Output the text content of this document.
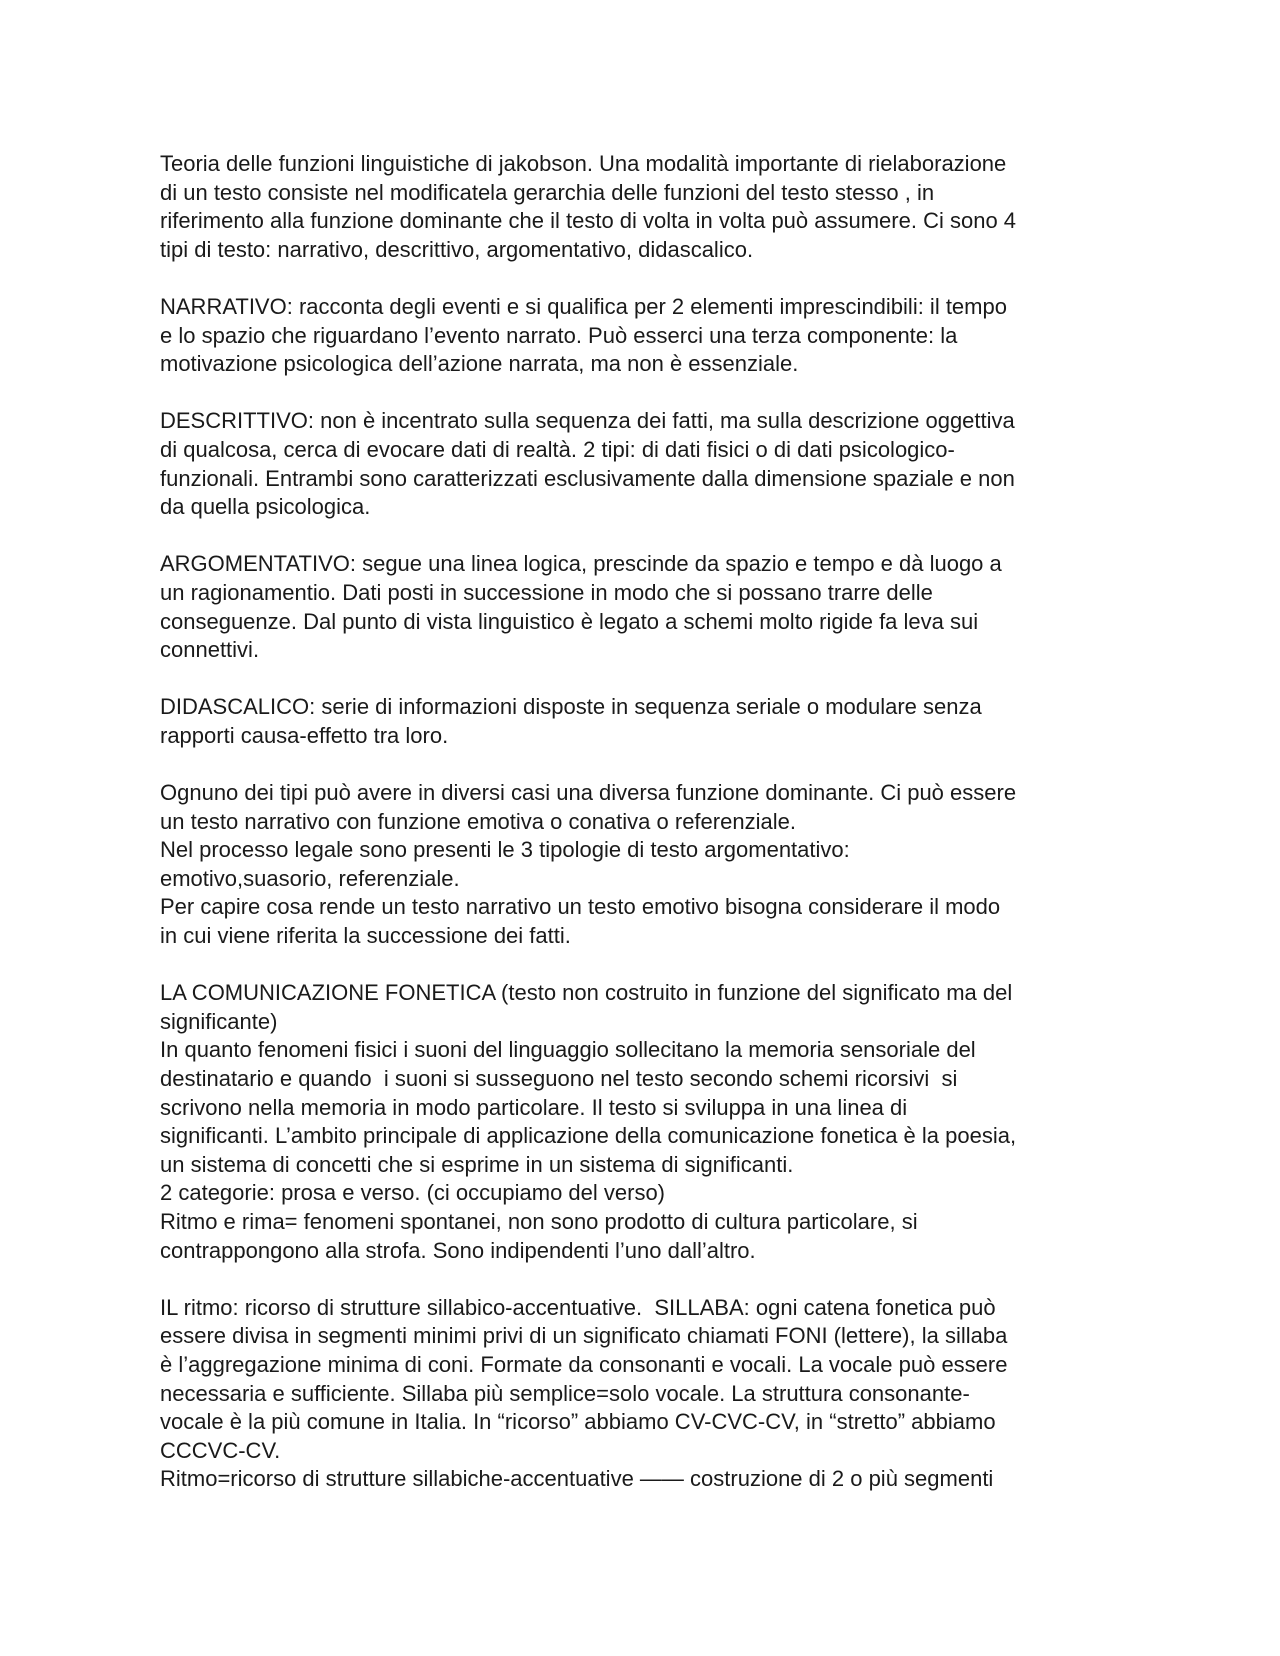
Teoria delle funzioni linguistiche di jakobson. Una modalità importante di rielaborazione
di un testo consiste nel modificatela gerarchia delle funzioni del testo stesso , in
riferimento alla funzione dominante che il testo di volta in volta può assumere. Ci sono 4
tipi di testo: narrativo, descrittivo, argomentativo, didascalico.
NARRATIVO: racconta degli eventi e si qualifica per 2 elementi imprescindibili: il tempo
e lo spazio che riguardano l’evento narrato. Può esserci una terza componente: la
motivazione psicologica dell’azione narrata, ma non è essenziale.
DESCRITTIVO: non è incentrato sulla sequenza dei fatti, ma sulla descrizione oggettiva
di qualcosa, cerca di evocare dati di realtà. 2 tipi: di dati fisici o di dati psicologico-
funzionali. Entrambi sono caratterizzati esclusivamente dalla dimensione spaziale e non
da quella psicologica.
ARGOMENTATIVO: segue una linea logica, prescinde da spazio e tempo e dà luogo a
un ragionamentio. Dati posti in successione in modo che si possano trarre delle
conseguenze. Dal punto di vista linguistico è legato a schemi molto rigide fa leva sui
connettivi.
DIDASCALICO: serie di informazioni disposte in sequenza seriale o modulare senza
rapporti causa-effetto tra loro.
Ognuno dei tipi può avere in diversi casi una diversa funzione dominante. Ci può essere
un testo narrativo con funzione emotiva o conativa o referenziale.
Nel processo legale sono presenti le 3 tipologie di testo argomentativo:
emotivo,suasorio, referenziale.
Per capire cosa rende un testo narrativo un testo emotivo bisogna considerare il modo
in cui viene riferita la successione dei fatti.
LA COMUNICAZIONE FONETICA (testo non costruito in funzione del significato ma del
significante)
In quanto fenomeni fisici i suoni del linguaggio sollecitano la memoria sensoriale del
destinatario e quando  i suoni si susseguono nel testo secondo schemi ricorsivi  si
scrivono nella memoria in modo particolare. Il testo si sviluppa in una linea di
significanti. L’ambito principale di applicazione della comunicazione fonetica è la poesia,
un sistema di concetti che si esprime in un sistema di significanti.
2 categorie: prosa e verso. (ci occupiamo del verso)
Ritmo e rima= fenomeni spontanei, non sono prodotto di cultura particolare, si
contrappongono alla strofa. Sono indipendenti l’uno dall’altro.
IL ritmo: ricorso di strutture sillabico-accentuative.  SILLABA: ogni catena fonetica può
essere divisa in segmenti minimi privi di un significato chiamati FONI (lettere), la sillaba
è l’aggregazione minima di coni. Formate da consonanti e vocali. La vocale può essere
necessaria e sufficiente. Sillaba più semplice=solo vocale. La struttura consonante-
vocale è la più comune in Italia. In “ricorso” abbiamo CV-CVC-CV, in “stretto” abbiamo
CCCVC-CV.
Ritmo=ricorso di strutture sillabiche-accentuative —— costruzione di 2 o più segmenti
